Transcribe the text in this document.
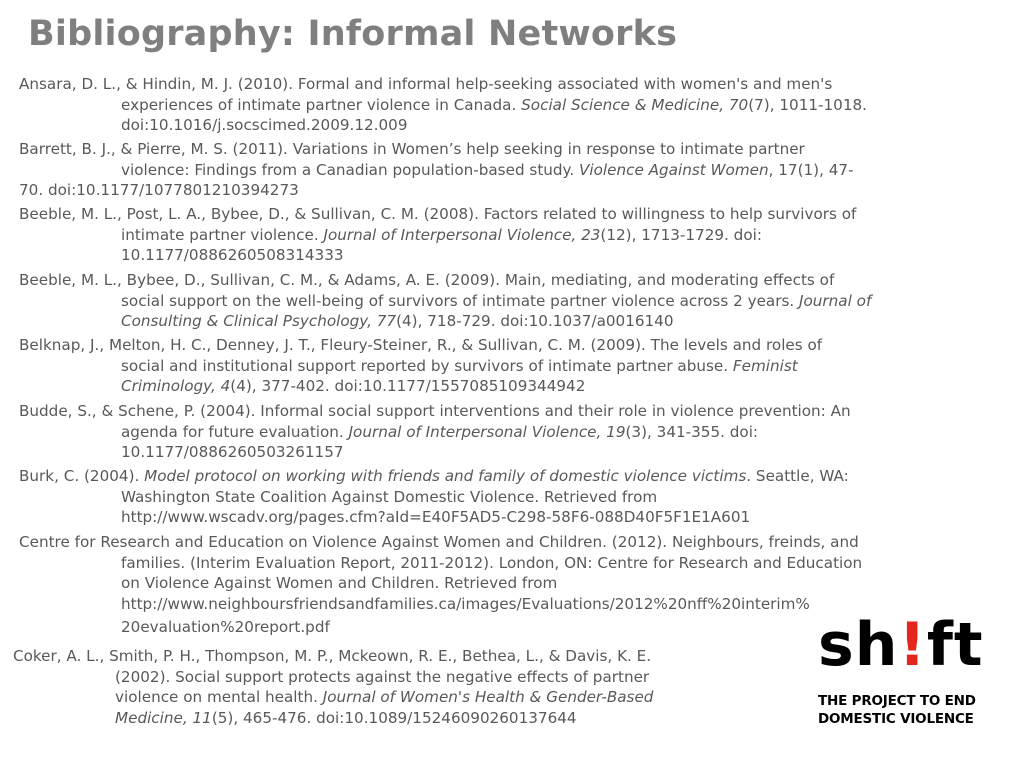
Bibliography: Informal Networks
Ansara, D. L., & Hindin, M. J. (2010). Formal and informal help-seeking associated with women's and men's
experiences of intimate partner violence in Canada. Social Science & Medicine, 70(7), 1011-1018.
doi:10.1016/j.socscimed.2009.12.009
Barrett, B. J., & Pierre, M. S. (2011). Variations in Women’s help seeking in response to intimate partner
violence: Findings from a Canadian population-based study. Violence Against Women, 17(1), 47-
70. doi:10.1177/1077801210394273
Beeble, M. L., Post, L. A., Bybee, D., & Sullivan, C. M. (2008). Factors related to willingness to help survivors of
intimate partner violence. Journal of Interpersonal Violence, 23(12), 1713-1729. doi:
10.1177/0886260508314333
Beeble, M. L., Bybee, D., Sullivan, C. M., & Adams, A. E. (2009). Main, mediating, and moderating effects of
social support on the well-being of survivors of intimate partner violence across 2 years. Journal of
Consulting & Clinical Psychology, 77(4), 718-729. doi:10.1037/a0016140
Belknap, J., Melton, H. C., Denney, J. T., Fleury-Steiner, R., & Sullivan, C. M. (2009). The levels and roles of
social and institutional support reported by survivors of intimate partner abuse. Feminist
Criminology, 4(4), 377-402. doi:10.1177/1557085109344942
Budde, S., & Schene, P. (2004). Informal social support interventions and their role in violence prevention: An
agenda for future evaluation. Journal of Interpersonal Violence, 19(3), 341-355. doi:
10.1177/0886260503261157
Burk, C. (2004). Model protocol on working with friends and family of domestic violence victims. Seattle, WA:
Washington State Coalition Against Domestic Violence. Retrieved from
http://www.wscadv.org/pages.cfm?aId=E40F5AD5-C298-58F6-088D40F5F1E1A601
Centre for Research and Education on Violence Against Women and Children. (2012). Neighbours, freinds, and
families. (Interim Evaluation Report, 2011-2012). London, ON: Centre for Research and Education
on Violence Against Women and Children. Retrieved from
http://www.neighboursfriendsandfamilies.ca/images/Evaluations/2012%20nff%20interim%
20evaluation%20report.pdf
Coker, A. L., Smith, P. H., Thompson, M. P., Mckeown, R. E., Bethea, L., & Davis, K. E.
(2002). Social support protects against the negative effects of partner
violence on mental health. Journal of Women's Health & Gender-Based
Medicine, 11(5), 465-476. doi:10.1089/15246090260137644
sh!ft
THE PROJECT TO END
DOMESTIC VIOLENCE
